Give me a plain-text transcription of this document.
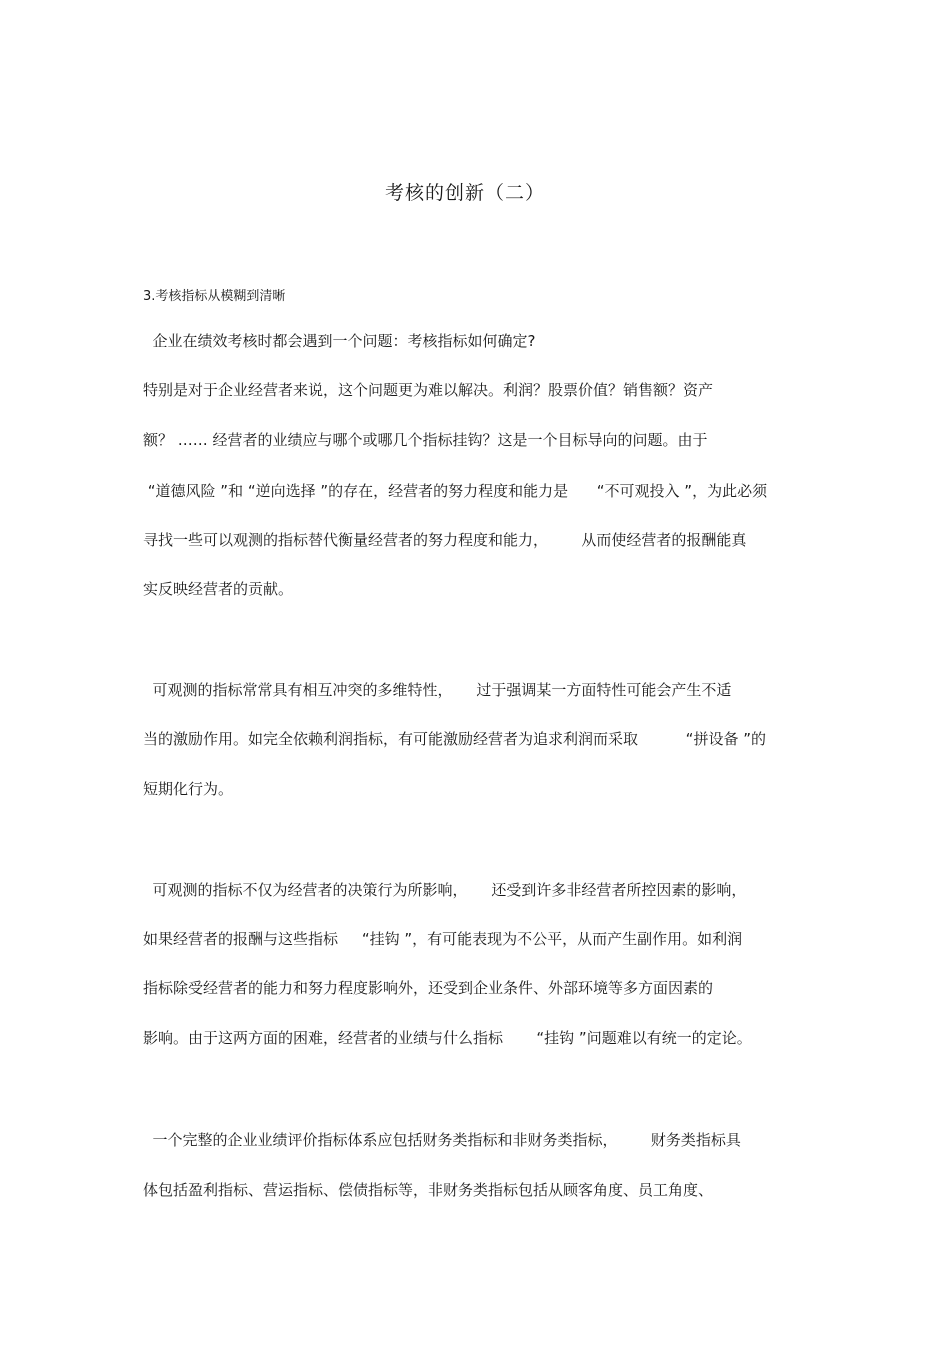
考核的创新（二）
3.考核指标从模糊到清晰
企业在绩效考核时都会遇到一个问题：考核指标如何确定?
特别是对于企业经营者来说，这个问题更为难以解决。利润？股票价值？销售额？资产
额？ …… 经营者的业绩应与哪个或哪几个指标挂钩？这是一个目标导向的问题。由于
“道德风险 ”和 “逆向选择 ”的存在，经营者的努力程度和能力是      “不可观投入 ”，为此必须
寻找一些可以观测的指标替代衡量经营者的努力程度和能力，       从而使经营者的报酬能真
实反映经营者的贡献。
可观测的指标常常具有相互冲突的多维特性，     过于强调某一方面特性可能会产生不适
当的激励作用。如完全依赖利润指标，有可能激励经营者为追求利润而采取          “拼设备 ”的
短期化行为。
可观测的指标不仅为经营者的决策行为所影响，     还受到许多非经营者所控因素的影响，
如果经营者的报酬与这些指标     “挂钩 ”，有可能表现为不公平，从而产生副作用。如利润
指标除受经营者的能力和努力程度影响外，还受到企业条件、外部环境等多方面因素的
影响。由于这两方面的困难，经营者的业绩与什么指标       “挂钩 ”问题难以有统一的定论。
一个完整的企业业绩评价指标体系应包括财务类指标和非财务类指标，       财务类指标具
体包括盈利指标、营运指标、偿债指标等，非财务类指标包括从顾客角度、员工角度、
